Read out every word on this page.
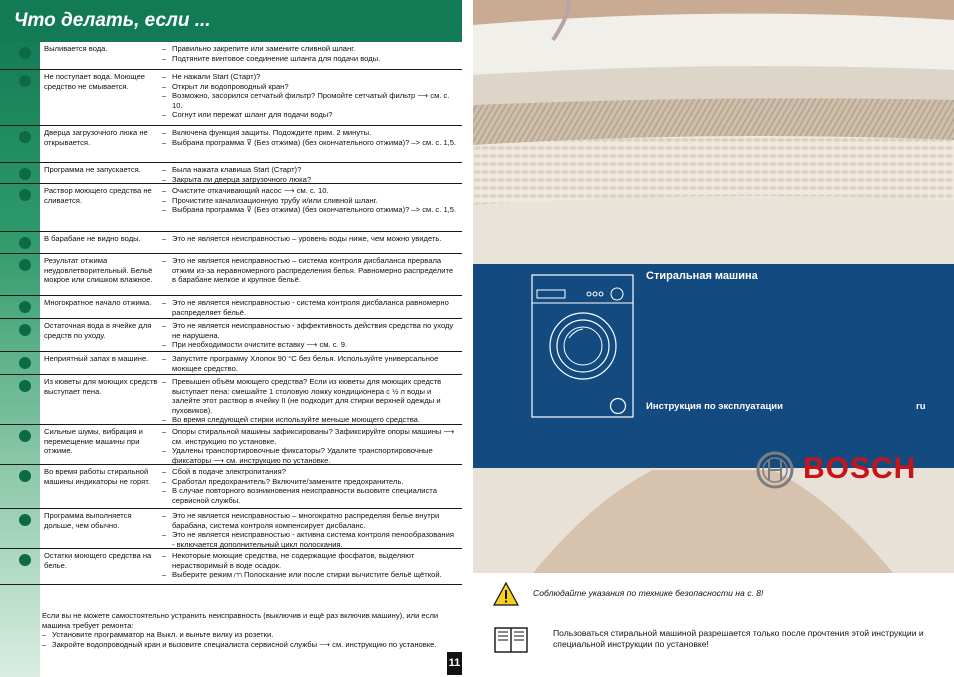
Что делать, если ...
Выливается вода.	– Правильно закрепите или замените сливной шланг.
– Подтяните винтовое соединение шланга для подачи воды.
Не поступает вода. Моющее средство не смывается.
– Не нажали Start (Старт)?
– Открыт ли водопроводный кран?
– Возможно, засорился сетчатый фильтр? Промойте сетчатый фильтр ⟶ см. с. 10.
– Согнут или пережат шланг для подачи воды?
Дверца загрузочного люка не открывается.
– Включена функция защиты. Подождите прим. 2 минуты.
– Выбрана программа ⊽ (Без отжима) (без окончательного отжима)? –> см. с. 1,5.
Программа не запускается.	– Была нажата клавиша Start (Старт)?
– Закрыта ли дверца загрузочного люка?
Раствор моющего средства не сливается.
– Очистите откачивающий насос ⟶ см. с. 10.
– Прочистите канализационную трубу и/или сливной шланг.
– Выбрана программа ⊽ (Без отжима) (без окончательного отжима)? –> см. с. 1,5.
В барабане не видно воды.	– Это не является неисправностью – уровень воды ниже, чем можно увидеть.
Результат отжима неудовлетворительный. Бельё мокрое или слишком влажное.
– Это не является неисправностью – система контроля дисбаланса прервала отжим из-за неравномерного распределения белья. Равномерно распределите в барабане мелкое и крупное бельё.
Многократное начало отжима.	– Это не является неисправностью - система контроля дисбаланса равномерно распределяет бельё.
Остаточная вода в ячейке для средств по уходу.
– Это не является неисправностью - эффективность действия средства по уходу не нарушена.
– При необходимости очистите вставку ⟶ см. с. 9.
Неприятный запах в машине.	– Запустите программу Хлопок 90 °C без белья. Используйте универсальное моющее средство.
Из кюветы для моющих средств выступает пена.
– Превышен объём моющего средства? Если из кюветы для моющих средств выступает пена: смешайте 1 столовую ложку кондиционера с ½ л воды и залейте этот раствор в ячейку II (не подходит для стирки верхней одежды и пуховиков).
– Во время следующей стирки используйте меньше моющего средства.
Сильные шумы, вибрация и перемещение машины при отжиме.
– Опоры стиральной машины зафиксированы? Зафиксируйте опоры машины ⟶ см. инструкцию по установке.
– Удалены транспортировочные фиксаторы? Удалите транспортировочные фиксаторы ⟶ см. инструкцию по установке.
Во время работы стиральной машины индикаторы не горят.
– Сбой в подаче электропитания?
– Сработал предохранитель? Включите/замените предохранитель.
– В случае повторного возникновения неисправности вызовите специалиста сервисной службы.
Программа выполняется дольше, чем обычно.
– Это не является неисправностью – многократно распределяя белье внутри барабана, система контроля компенсирует дисбаланс.
– Это не является неисправностью - активна система контроля пенообразования - включается дополнительный цикл полоскания.
Остатки моющего средства на белье.
– Некоторые моющие средства, не содержащие фосфатов, выделяют нерастворимый в воде осадок.
– Выберите режим ⩋ Полоскание или после стирки вычистите бельё щёткой.

Если вы не можете самостоятельно устранить неисправность (выключив и ещё раз включив машину), или если машина требует ремонта:

– Установите программатор на Выкл. и выньте вилку из розетки.

– Закройте водопроводный кран и вызовите специалиста сервисной службы ⟶ см. инструкцию по установке.

11
Стиральная машина
Инструкция по эксплуатации	ru
BOSCH
Соблюдайте указания по технике безопасности на с. 8!
Пользоваться стиральной машиной разрешается только после прочтения этой инструкции и специальной инструкции по установке!
